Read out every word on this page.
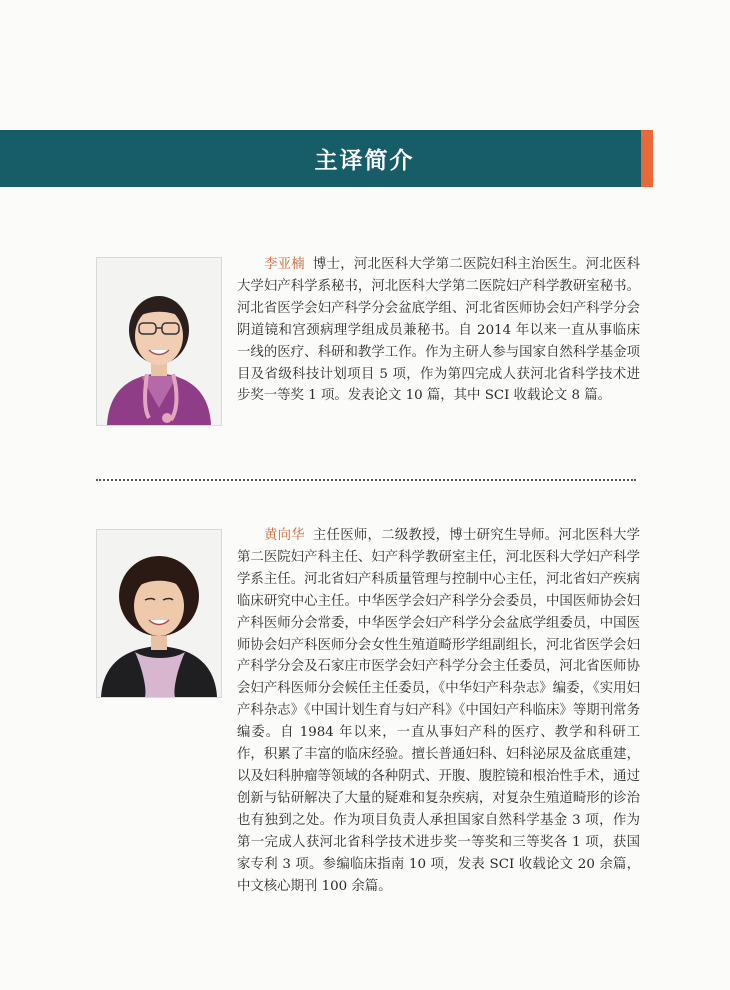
主译简介

李亚楠 博士，河北医科大学第二医院妇科主治医生。河北医科大学妇产科学系秘书，河北医科大学第二医院妇产科学教研室秘书。河北省医学会妇产科学分会盆底学组、河北省医师协会妇产科学分会阴道镜和宫颈病理学组成员兼秘书。自 2014 年以来一直从事临床一线的医疗、科研和教学工作。作为主研人参与国家自然科学基金项目及省级科技计划项目 5 项，作为第四完成人获河北省科学技术进步奖一等奖 1 项。发表论文 10 篇，其中 SCI 收载论文 8 篇。

黄向华 主任医师，二级教授，博士研究生导师。河北医科大学第二医院妇产科主任、妇产科学教研室主任，河北医科大学妇产科学学系主任。河北省妇产科质量管理与控制中心主任，河北省妇产疾病临床研究中心主任。中华医学会妇产科学分会委员，中国医师协会妇产科医师分会常委，中华医学会妇产科学分会盆底学组委员，中国医师协会妇产科医师分会女性生殖道畸形学组副组长，河北省医学会妇产科学分会及石家庄市医学会妇产科学分会主任委员，河北省医师协会妇产科医师分会候任主任委员，《中华妇产科杂志》编委，《实用妇产科杂志》《中国计划生育与妇产科》《中国妇产科临床》等期刊常务编委。自 1984 年以来，一直从事妇产科的医疗、教学和科研工作，积累了丰富的临床经验。擅长普通妇科、妇科泌尿及盆底重建，以及妇科肿瘤等领域的各种阴式、开腹、腹腔镜和根治性手术，通过创新与钻研解决了大量的疑难和复杂疾病，对复杂生殖道畸形的诊治也有独到之处。作为项目负责人承担国家自然科学基金 3 项，作为第一完成人获河北省科学技术进步奖一等奖和三等奖各 1 项，获国家专利 3 项。参编临床指南 10 项，发表 SCI 收载论文 20 余篇，中文核心期刊 100 余篇。
